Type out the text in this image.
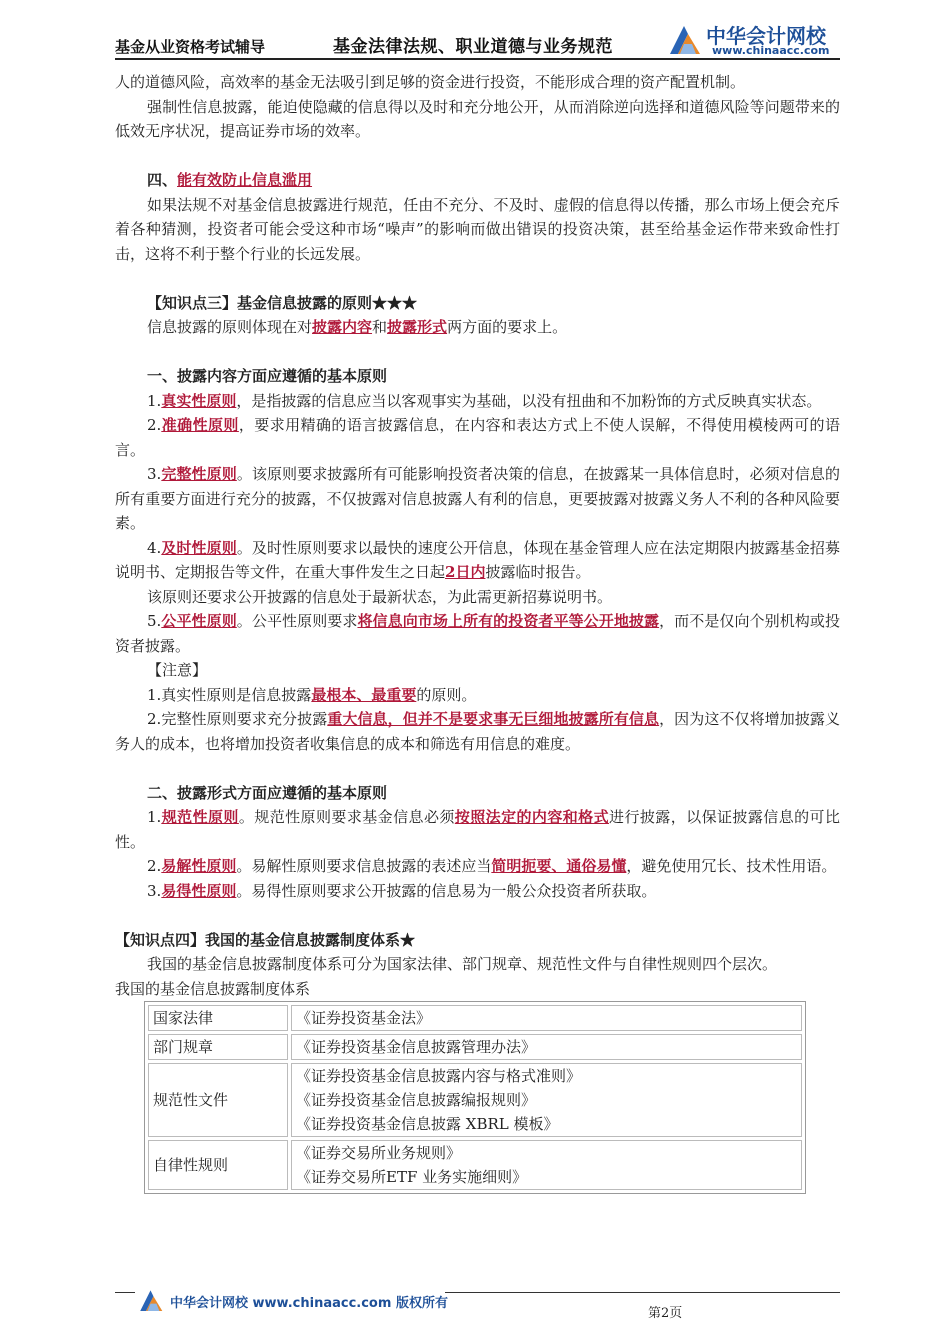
基金从业资格考试辅导	基金法律法规、职业道德与业务规范	中华会计网校
www.chinaacc.com

人的道德风险，高效率的基金无法吸引到足够的资金进行投资，不能形成合理的资产配置机制。

强制性信息披露，能迫使隐藏的信息得以及时和充分地公开，从而消除逆向选择和道德风险等问题带来的低效无序状况，提高证券市场的效率。

四、能有效防止信息滥用

如果法规不对基金信息披露进行规范，任由不充分、不及时、虚假的信息得以传播，那么市场上便会充斥着各种猜测，投资者可能会受这种市场“噪声”的影响而做出错误的投资决策，甚至给基金运作带来致命性打击，这将不利于整个行业的长远发展。

【知识点三】基金信息披露的原则★★★

信息披露的原则体现在对披露内容和披露形式两方面的要求上。

一、披露内容方面应遵循的基本原则

1.真实性原则，是指披露的信息应当以客观事实为基础，以没有扭曲和不加粉饰的方式反映真实状态。

2.准确性原则，要求用精确的语言披露信息，在内容和表达方式上不使人误解，不得使用模棱两可的语言。

3.完整性原则。该原则要求披露所有可能影响投资者决策的信息，在披露某一具体信息时，必须对信息的所有重要方面进行充分的披露，不仅披露对信息披露人有利的信息，更要披露对披露义务人不利的各种风险要素。

4.及时性原则。及时性原则要求以最快的速度公开信息，体现在基金管理人应在法定期限内披露基金招募说明书、定期报告等文件，在重大事件发生之日起2日内披露临时报告。

该原则还要求公开披露的信息处于最新状态，为此需更新招募说明书。

5.公平性原则。公平性原则要求将信息向市场上所有的投资者平等公开地披露，而不是仅向个别机构或投资者披露。

【注意】

1.真实性原则是信息披露最根本、最重要的原则。

2.完整性原则要求充分披露重大信息，但并不是要求事无巨细地披露所有信息，因为这不仅将增加披露义务人的成本，也将增加投资者收集信息的成本和筛选有用信息的难度。

二、披露形式方面应遵循的基本原则

1.规范性原则。规范性原则要求基金信息必须按照法定的内容和格式进行披露，以保证披露信息的可比性。

2.易解性原则。易解性原则要求信息披露的表述应当简明扼要、通俗易懂，避免使用冗长、技术性用语。

3.易得性原则。易得性原则要求公开披露的信息易为一般公众投资者所获取。

【知识点四】我国的基金信息披露制度体系★

我国的基金信息披露制度体系可分为国家法律、部门规章、规范性文件与自律性规则四个层次。

我国的基金信息披露制度体系

国家法律	《证券投资基金法》

部门规章	《证券投资基金信息披露管理办法》

规范性文件	《证券投资基金信息披露内容与格式准则》
《证券投资基金信息披露编报规则》
《证券投资基金信息披露 XBRL 模板》

自律性规则	《证券交易所业务规则》
《证券交易所ETF 业务实施细则》
中华会计网校 www.chinaacc.com 版权所有
第2页
